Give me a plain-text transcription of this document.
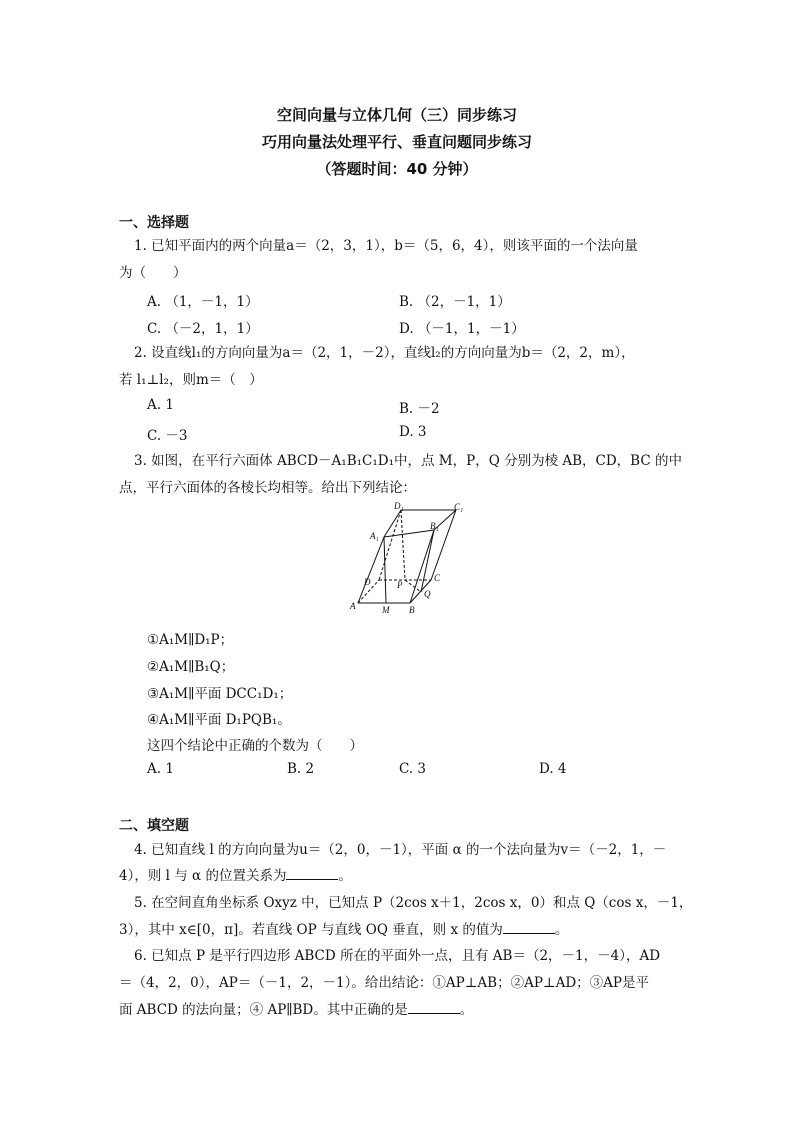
空间向量与立体几何（三）同步练习
巧用向量法处理平行、垂直问题同步练习
（答题时间：40 分钟）
一、选择题
1. 已知平面内的两个向量a＝（2，3，1），b＝（5，6，4），则该平面的一个法向量
为（　　）
A. （1，－1，1）	B. （2，－1，1）
C. （－2，1，1）	D. （－1，1，－1）
2. 设直线l₁的方向向量为a＝（2，1，－2），直线l₂的方向向量为b＝（2，2，m），
若 l₁⊥l₂，则m＝（　）
A. 1	B. －2
C. －3	D. 3
3. 如图，在平行六面体 ABCD－A₁B₁C₁D₁中，点 M，P，Q 分别为棱 AB，CD，BC 的中
点，平行六面体的各棱长均相等。给出下列结论：
D₁	C₁
B₁
A₁
D	P
C
Q
A	M B
①A₁M∥D₁P；
②A₁M∥B₁Q；
③A₁M∥平面 DCC₁D₁；
④A₁M∥平面 D₁PQB₁。
这四个结论中正确的个数为（　　）
A. 1	B. 2	C. 3	D. 4
二、填空题
4. 已知直线 l 的方向向量为u＝（2，0，－1），平面 α 的一个法向量为v＝（－2，1，－
4），则 l 与 α 的位置关系为	。
5. 在空间直角坐标系 Oxyz 中，已知点 P（2cos x＋1，2cos x，0）和点 Q（cos x，－1，
3），其中 x∈[0，π]。若直线 OP 与直线 OQ 垂直，则 x 的值为	。
6. 已知点 P 是平行四边形 ABCD 所在的平面外一点，且有 AB＝（2，－1，－4），AD
＝（4，2，0），AP＝（－1，2，－1）。给出结论：①AP⊥AB；②AP⊥AD；③AP是平
面 ABCD 的法向量；④ AP∥BD。其中正确的是	。
